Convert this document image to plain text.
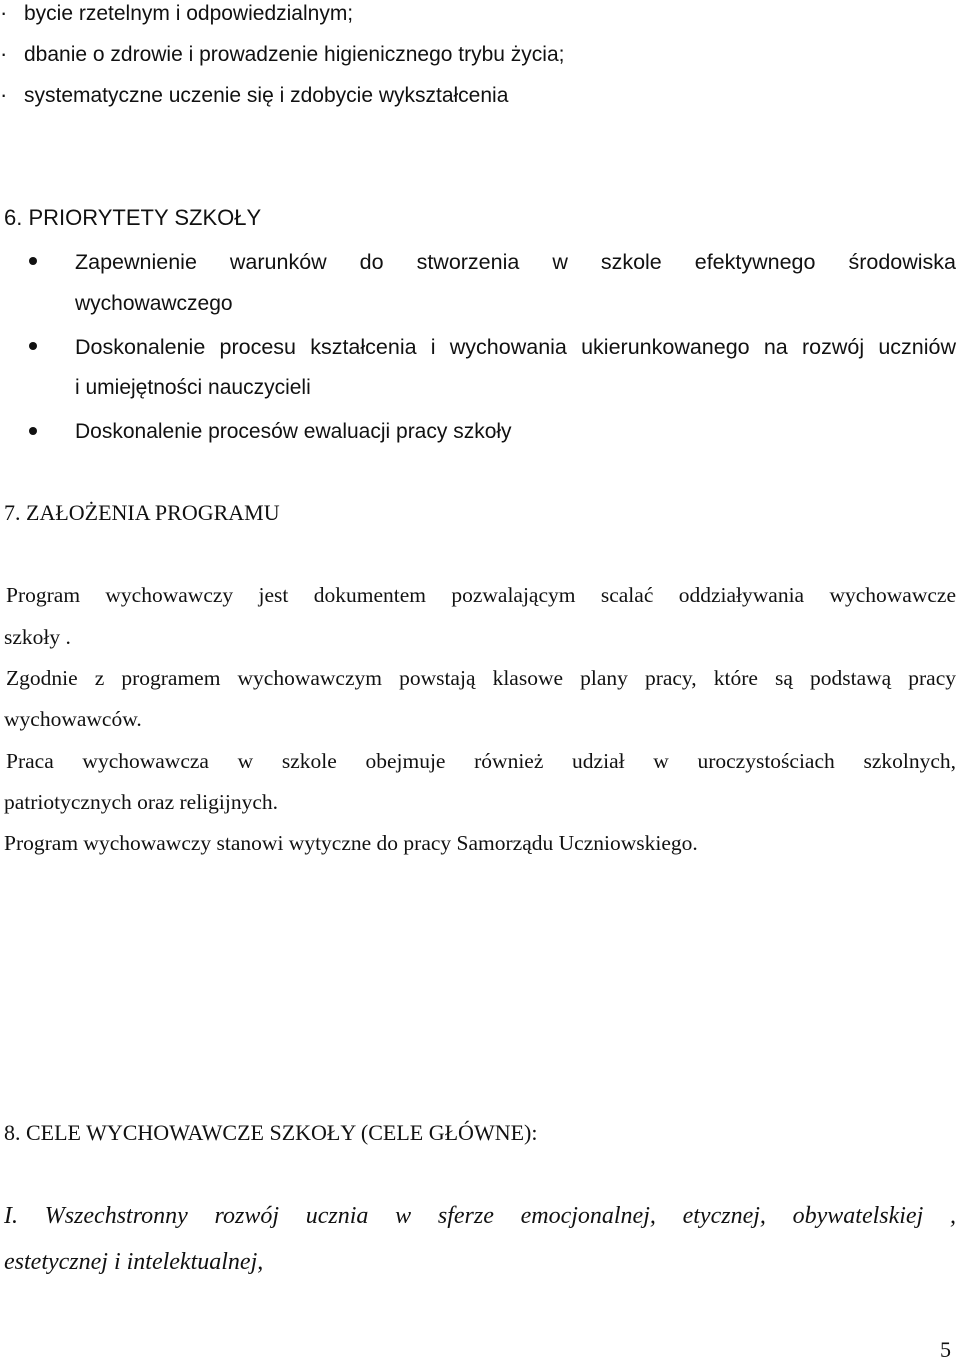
· bycie rzetelnym i odpowiedzialnym;
· dbanie o zdrowie i prowadzenie higienicznego trybu życia;
· systematyczne uczenie się i zdobycie wykształcenia
6. PRIORYTETY SZKOŁY

Zapewnienie warunków do stworzenia w szkole efektywnego środowiska

wychowawczego

Doskonalenie procesu kształcenia i wychowania ukierunkowanego na rozwój uczniów

i umiejętności nauczycieli
Doskonalenie procesów ewaluacji pracy szkoły
7. ZAŁOŻENIA PROGRAMU

Program wychowawczy jest dokumentem pozwalającym scalać oddziaływania wychowawcze

szkoły .

Zgodnie z programem wychowawczym powstają klasowe plany pracy, które są podstawą pracy

wychowawców.

Praca wychowawcza w szkole obejmuje również udział w uroczystościach szkolnych,

patriotycznych oraz religijnych.
Program wychowawczy stanowi wytyczne do pracy Samorządu Uczniowskiego.
8. CELE WYCHOWAWCZE SZKOŁY (CELE GŁÓWNE):

I. Wszechstronny rozwój ucznia w sferze emocjonalnej, etycznej, obywatelskiej ,

estetycznej i intelektualnej,
5
